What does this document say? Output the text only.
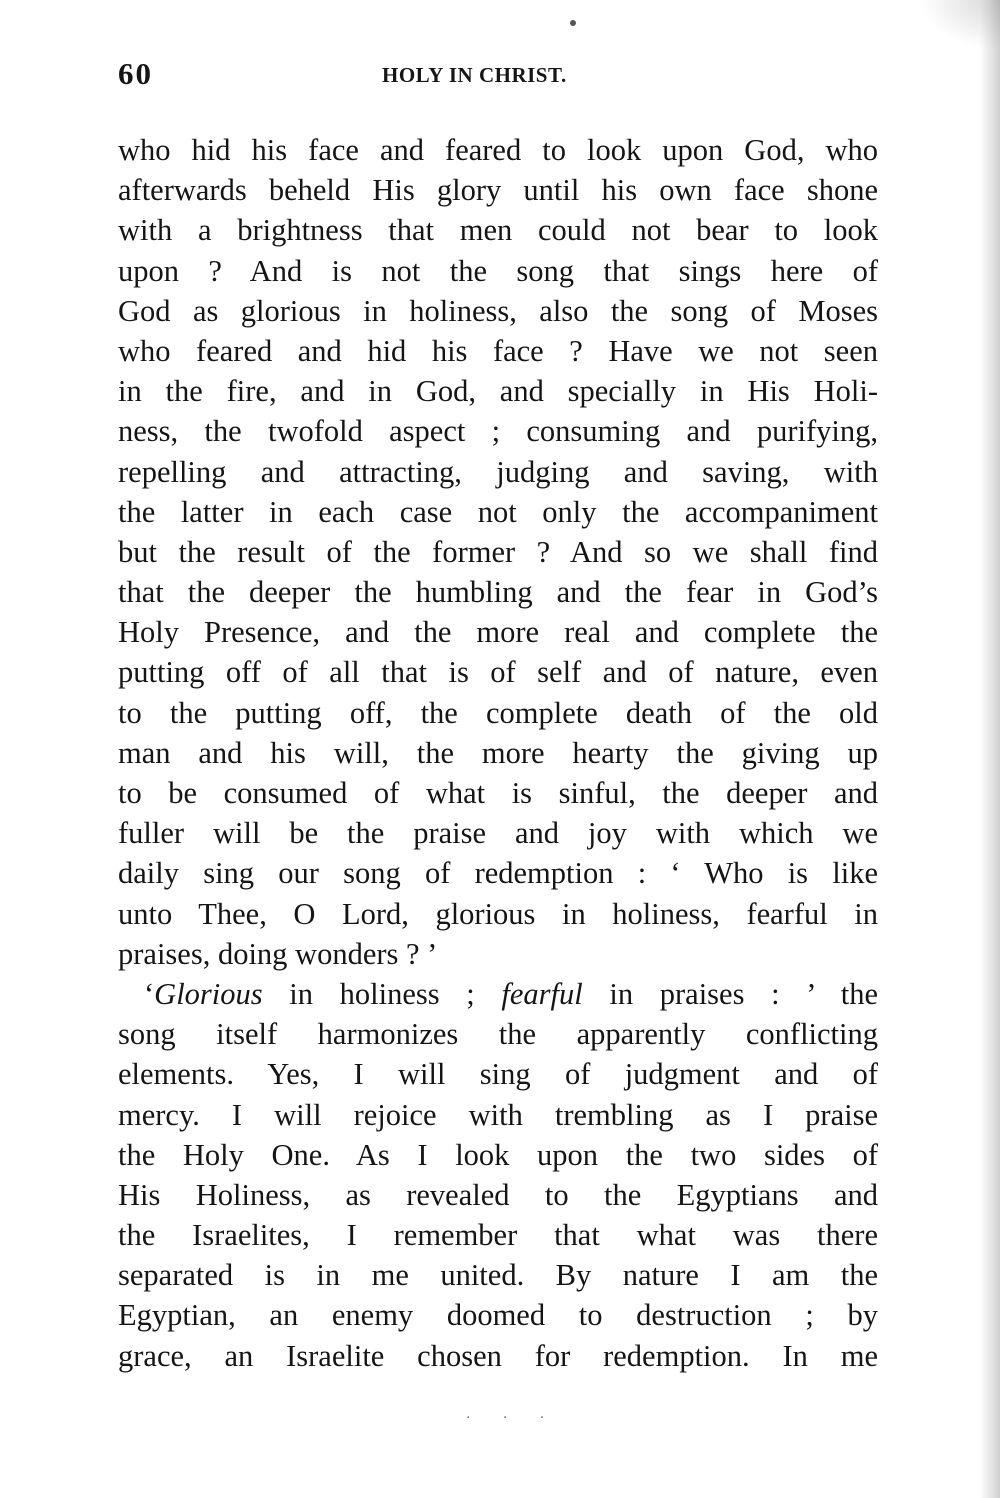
60	HOLY IN CHRIST.
who hid his face and feared to look upon God, who
afterwards beheld His glory until his own face shone
with a brightness that men could not bear to look
upon ? And is not the song that sings here of
God as glorious in holiness, also the song of Moses
who feared and hid his face ? Have we not seen
in the fire, and in God, and specially in His Holi-
ness, the twofold aspect ; consuming and purifying,
repelling and attracting, judging and saving, with
the latter in each case not only the accompaniment
but the result of the former ? And so we shall find
that the deeper the humbling and the fear in God’s
Holy Presence, and the more real and complete the
putting off of all that is of self and of nature, even
to the putting off, the complete death of the old
man and his will, the more hearty the giving up
to be consumed of what is sinful, the deeper and
fuller will be the praise and joy with which we
daily sing our song of redemption : ‘ Who is like
unto Thee, O Lord, glorious in holiness, fearful in
praises, doing wonders ? ’
‘Glorious in holiness ; fearful in praises : ’ the
song itself harmonizes the apparently conflicting
elements. Yes, I will sing of judgment and of
mercy. I will rejoice with trembling as I praise
the Holy One. As I look upon the two sides of
His Holiness, as revealed to the Egyptians and
the Israelites, I remember that what was there
separated is in me united. By nature I am the
Egyptian, an enemy doomed to destruction ; by
grace, an Israelite chosen for redemption. In me
· · ·
